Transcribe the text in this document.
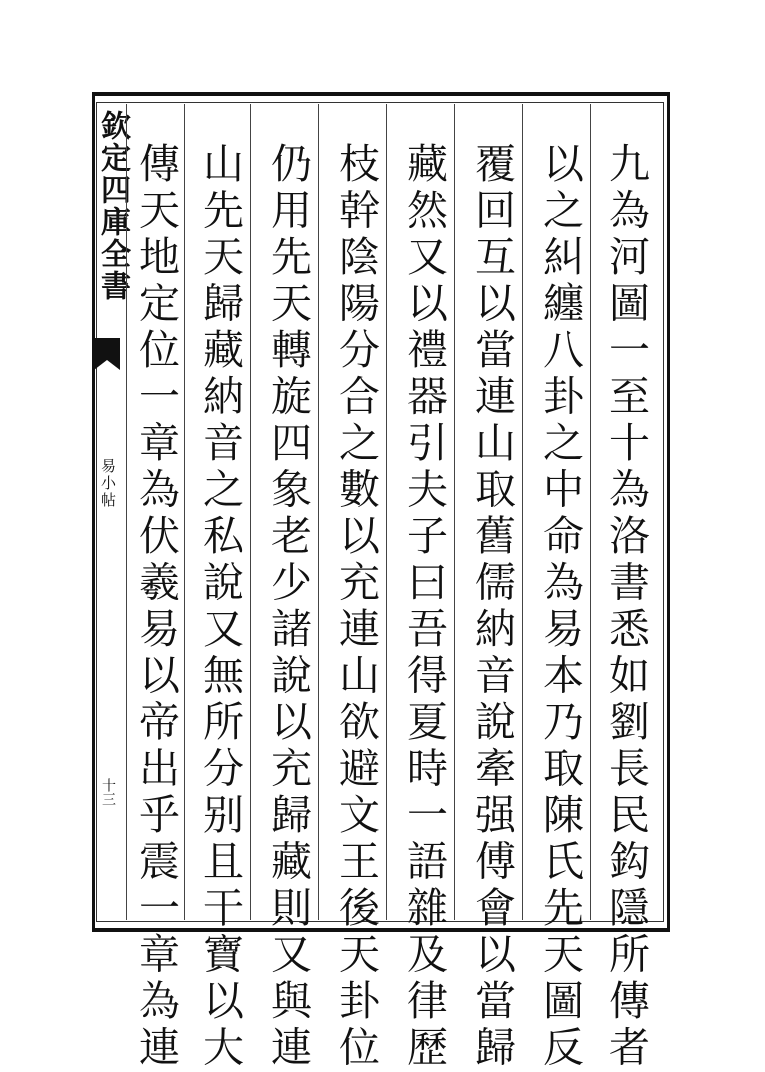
欽定四庫全書
易小帖
十三	九為河圖一至十為洛書悉如劉長民鈎隱所傳者
以之糾纏八卦之中命為易本乃取陳氏先天圖反
覆回互以當連山取舊儒納音說牽强傅會以當歸
藏然又以禮器引夫子曰吾得夏時一語雜及律歷
枝幹陰陽分合之數以充連山欲避文王後天卦位
仍用先天轉旋四象老少諸說以充歸藏則又與連
山先天歸藏納音之私說又無所分别且干寶以大
傳天地定位一章為伏羲易以帝出乎震一章為連
